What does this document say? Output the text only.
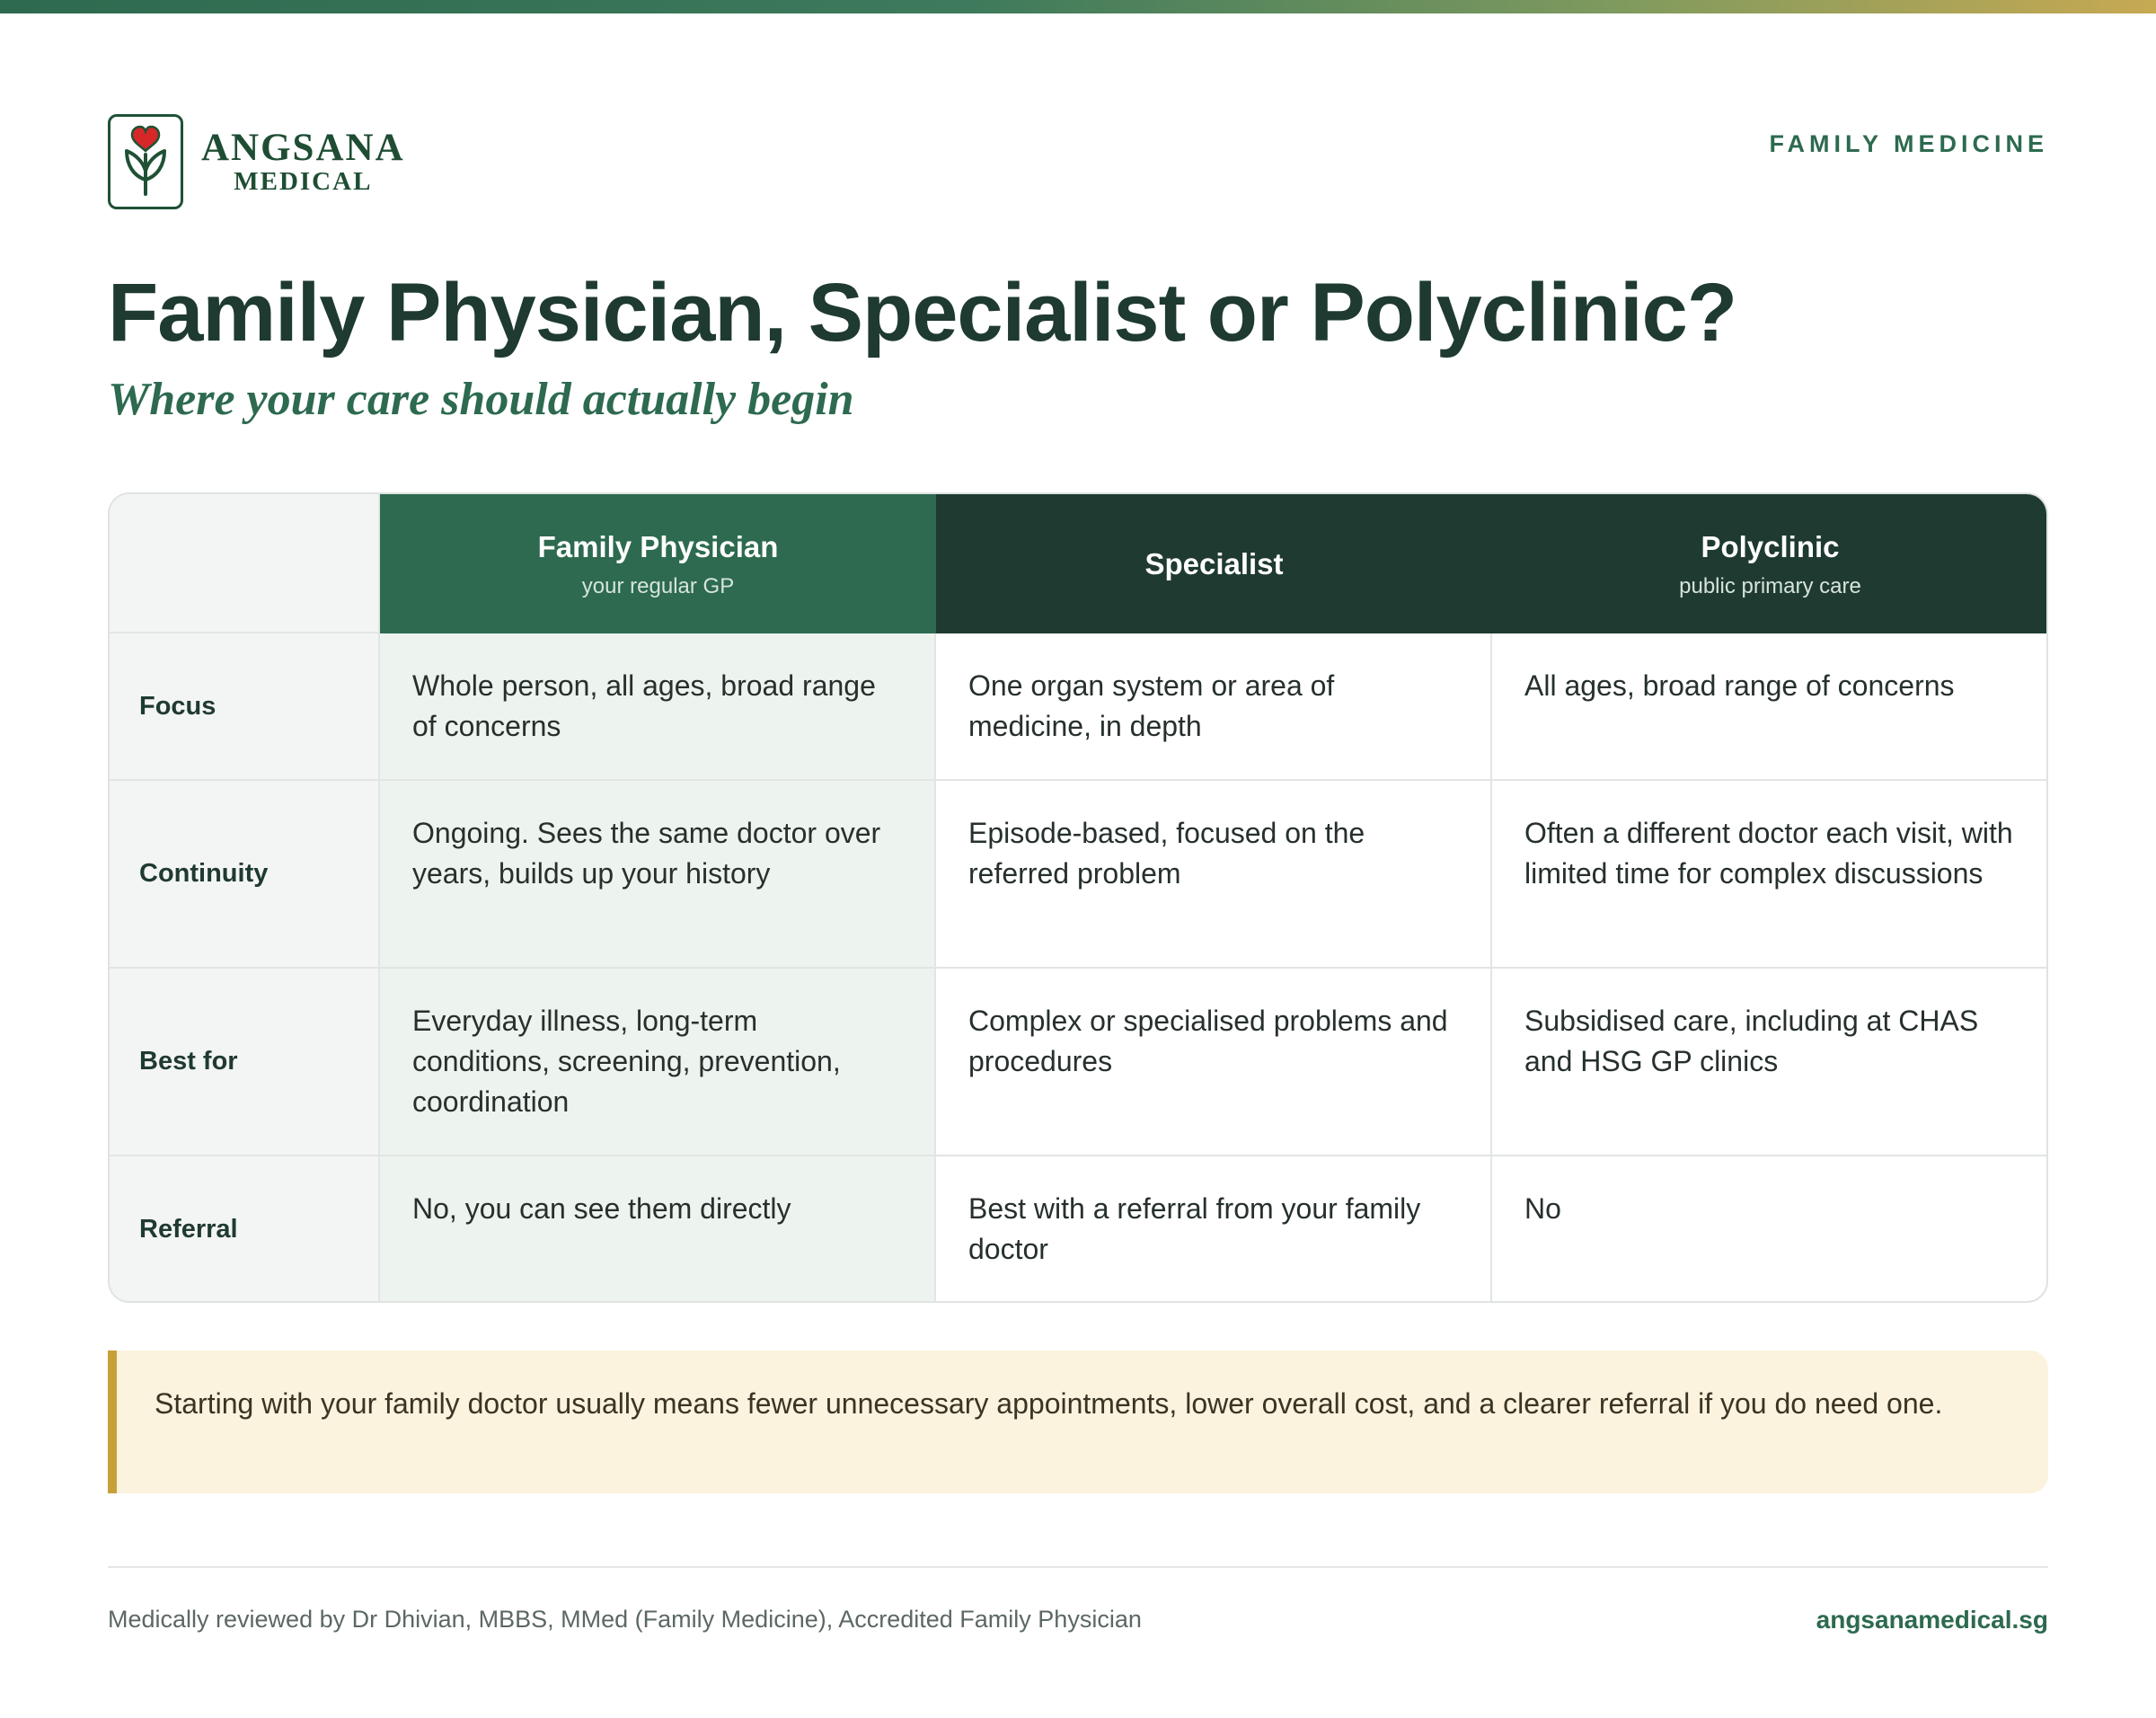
ANGSANA
MEDICAL
FAMILY MEDICINE
Family Physician, Specialist or Polyclinic?
Where your care should actually begin
Family Physician
your regular GP
Specialist
Polyclinic
public primary care
Focus
Whole person, all ages, broad range of concerns
One organ system or area of medicine, in depth
All ages, broad range of concerns
Continuity
Ongoing. Sees the same doctor over years, builds up your history
Episode-based, focused on the referred problem
Often a different doctor each visit, with limited time for complex discussions
Best for
Everyday illness, long-term conditions, screening, prevention, coordination
Complex or specialised problems and procedures
Subsidised care, including at CHAS and HSG GP clinics
Referral
No, you can see them directly	Best with a referral from your family doctor
No
Starting with your family doctor usually means fewer unnecessary appointments, lower overall cost, and a clearer referral if you do need one.
Medically reviewed by Dr Dhivian, MBBS, MMed (Family Medicine), Accredited Family Physician	angsanamedical.sg
